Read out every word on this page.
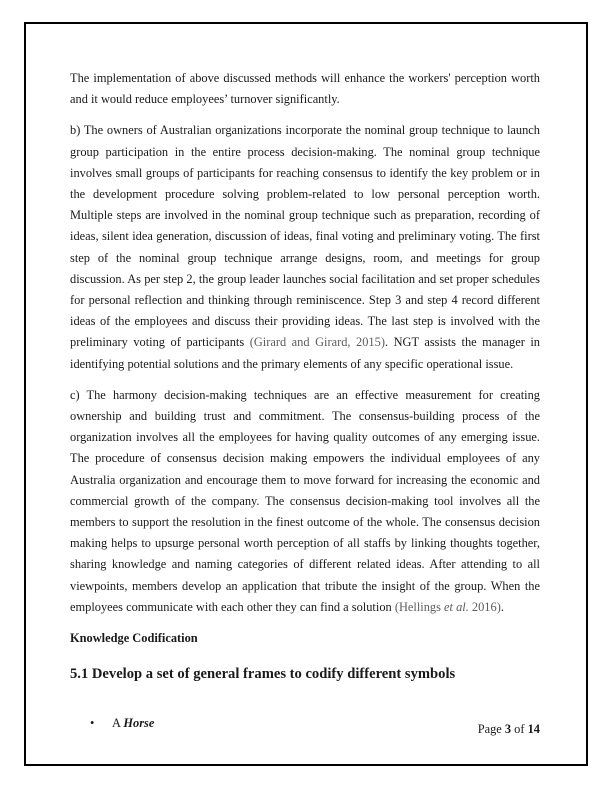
The implementation of above discussed methods will enhance the workers' perception worth and it would reduce employees’ turnover significantly.

b) The owners of Australian organizations incorporate the nominal group technique to launch group participation in the entire process decision-making. The nominal group technique involves small groups of participants for reaching consensus to identify the key problem or in the development procedure solving problem-related to low personal perception worth. Multiple steps are involved in the nominal group technique such as preparation, recording of ideas, silent idea generation, discussion of ideas, final voting and preliminary voting. The first step of the nominal group technique arrange designs, room, and meetings for group discussion. As per step 2, the group leader launches social facilitation and set proper schedules for personal reflection and thinking through reminiscence. Step 3 and step 4 record different ideas of the employees and discuss their providing ideas. The last step is involved with the preliminary voting of participants (Girard and Girard, 2015). NGT assists the manager in identifying potential solutions and the primary elements of any specific operational issue.

c) The harmony decision-making techniques are an effective measurement for creating ownership and building trust and commitment. The consensus-building process of the organization involves all the employees for having quality outcomes of any emerging issue. The procedure of consensus decision making empowers the individual employees of any Australia organization and encourage them to move forward for increasing the economic and commercial growth of the company. The consensus decision-making tool involves all the members to support the resolution in the finest outcome of the whole. The consensus decision making helps to upsurge personal worth perception of all staffs by linking thoughts together, sharing knowledge and naming categories of different related ideas. After attending to all viewpoints, members develop an application that tribute the insight of the group. When the employees communicate with each other they can find a solution (Hellings et al. 2016).

Knowledge Codification
5.1 Develop a set of general frames to codify different symbols
• A Horse	Page 3 of 14
